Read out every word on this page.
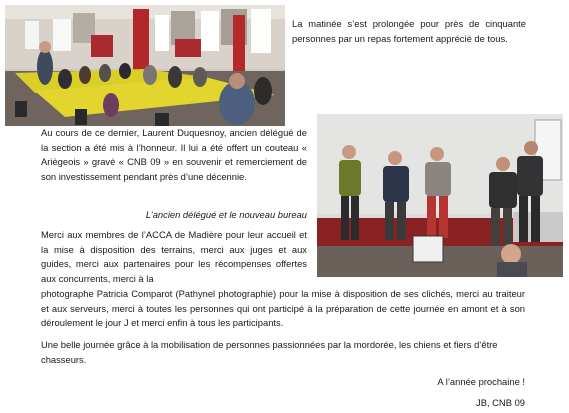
La matinée s’est prolongée pour près de cinquante personnes par un repas fortement apprécié de tous.

Au cours de ce dernier, Laurent Duquesnoy, ancien délégué de la section a été mis à l’honneur. Il lui a été offert un couteau « Ariègeois » gravé « CNB 09 » en souvenir et remerciement de son investissement pendant près d’une décennie.

L’ancien délégué et le nouveau bureau

Merci aux membres de l’ACCA de Madière pour leur accueil et la mise à disposition des terrains, merci aux juges et aux guides, merci aux partenaires pour les récompenses offertes aux concurrents, merci à la

photographe Patricia Comparot (Pathynel photographie) pour la mise à disposition de ses clichés, merci au traiteur et aux serveurs, merci à toutes les personnes qui ont participé à la préparation de cette journée en amont et à son déroulement le jour J et merci enfin à tous les participants.

Une belle journée grâce à la mobilisation de personnes passionnées par la mordorée, les chiens et fiers d’être chasseurs.

A l’année prochaine !
JB, CNB 09
